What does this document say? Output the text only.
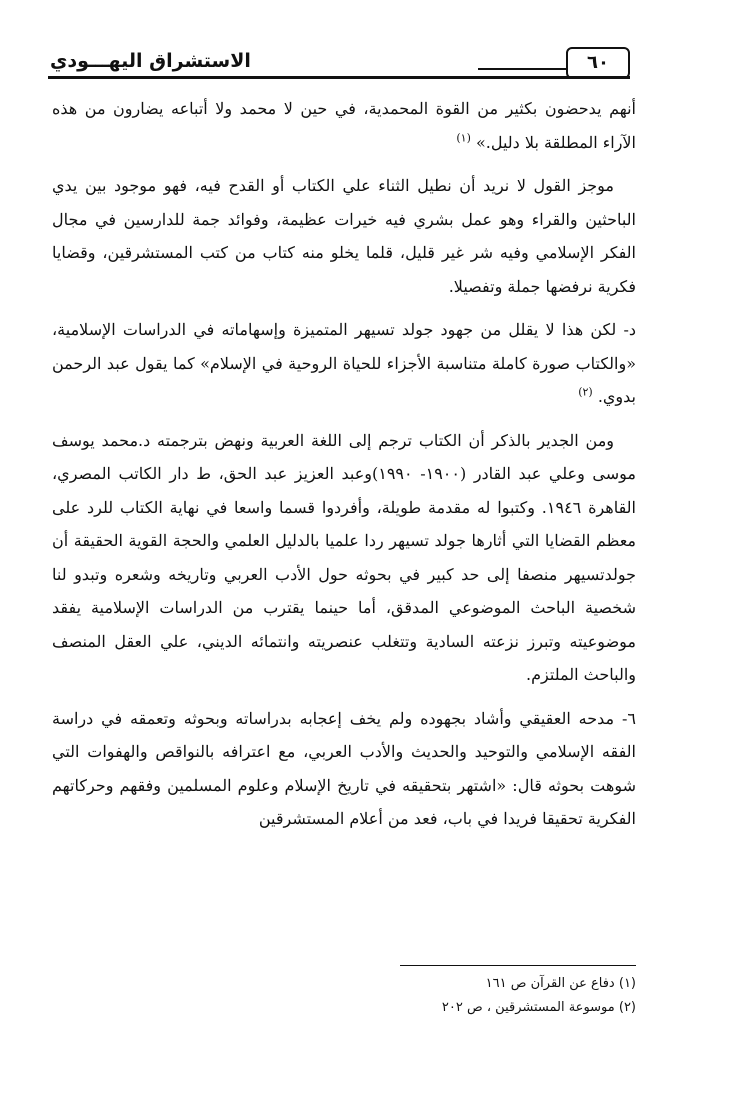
٦٠
الاستشراق اليهـــودي

أنهم يدحضون بكثير من القوة المحمدية، في حين لا محمد ولا أتباعه يضارون من هذه الآراء المطلقة بلا دليل.» $^{(١)}$

موجز القول لا نريد أن نطيل الثناء علي الكتاب أو القدح فيه، فهو موجود بين يدي الباحثين والقراء وهو عمل بشري فيه خيرات عظيمة، وفوائد جمة للدارسين في مجال الفكر الإسلامي وفيه شر غير قليل، قلما يخلو منه كتاب من كتب المستشرقين، وقضايا فكرية نرفضها جملة وتفصيلا.

د- لكن هذا لا يقلل من جهود جولد تسيهر المتميزة وإسهاماته في الدراسات الإسلامية، «والكتاب صورة كاملة متناسبة الأجزاء للحياة الروحية في الإسلام» كما يقول عبد الرحمن بدوي. $^{(٢)}$

ومن الجدير بالذكر أن الكتاب ترجم إلى اللغة العربية ونهض بترجمته د.محمد يوسف موسى وعلي عبد القادر (١٩٠٠- ١٩٩٠)وعبد العزيز عبد الحق، ط دار الكاتب المصري، القاهرة ١٩٤٦. وكتبوا له مقدمة طويلة، وأفردوا قسما واسعا في نهاية الكتاب للرد على معظم القضايا التي أثارها جولد تسيهر ردا علميا بالدليل العلمي والحجة القوية الحقيقة أن جولدتسيهر منصفا إلى حد كبير في بحوثه حول الأدب العربي وتاريخه وشعره وتبدو لنا شخصية الباحث الموضوعي المدقق، أما حينما يقترب من الدراسات الإسلامية يفقد موضوعيته وتبرز نزعته السادية وتتغلب عنصريته وانتمائه الديني، علي العقل المنصف والباحث الملتزم.

٦- مدحه العقيقي وأشاد بجهوده ولم يخف إعجابه بدراساته وبحوثه وتعمقه في دراسة الفقه الإسلامي والتوحيد والحديث والأدب العربي، مع اعترافه بالنواقص والهفوات التي شوهت بحوثه قال: «اشتهر بتحقيقه في تاريخ الإسلام وعلوم المسلمين وفقهم وحركاتهم الفكرية تحقيقا فريدا في باب، فعد من أعلام المستشرقين

(١) دفاع عن القرآن ص ١٦١
(٢) موسوعة المستشرقين ، ص ٢٠٢
